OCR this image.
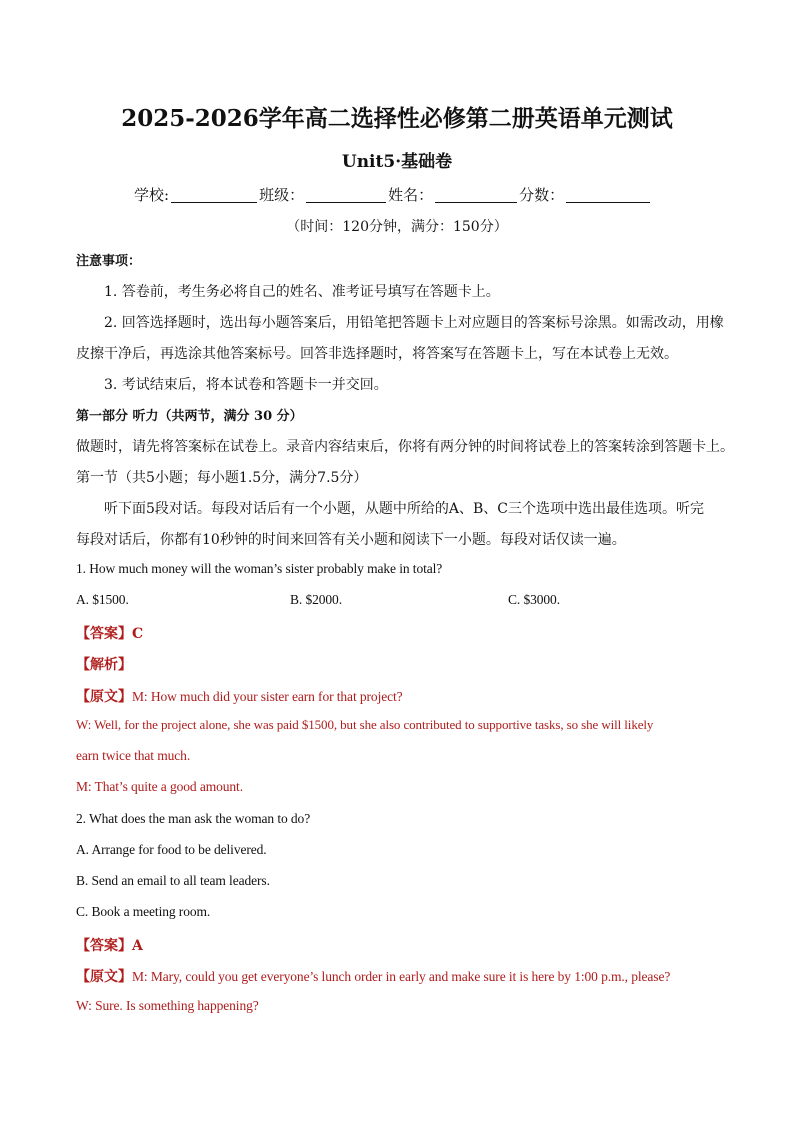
2025-2026学年高二选择性必修第二册英语单元测试
Unit5·基础卷
学校:	班级：	姓名：	分数：
（时间：120分钟，满分：150分）
注意事项：
1. 答卷前，考生务必将自己的姓名、准考证号填写在答题卡上。
2. 回答选择题时，选出每小题答案后，用铅笔把答题卡上对应题目的答案标号涂黑。如需改动，用橡
皮擦干净后，再选涂其他答案标号。回答非选择题时，将答案写在答题卡上，写在本试卷上无效。
3. 考试结束后，将本试卷和答题卡一并交回。
第一部分 听力（共两节，满分 30 分）
做题时，请先将答案标在试卷上。录音内容结束后，你将有两分钟的时间将试卷上的答案转涂到答题卡上。
第一节（共5小题；每小题1.5分，满分7.5分）
听下面5段对话。每段对话后有一个小题，从题中所给的A、B、C三个选项中选出最佳选项。听完
每段对话后，你都有10秒钟的时间来回答有关小题和阅读下一小题。每段对话仅读一遍。
1. How much money will the woman’s sister probably make in total?
A. $1500.	B. $2000.	C. $3000.
【答案】C
【解析】
【原文】M: How much did your sister earn for that project?
W: Well, for the project alone, she was paid $1500, but she also contributed to supportive tasks, so she will likely
earn twice that much.
M: That’s quite a good amount.
2. What does the man ask the woman to do?
A. Arrange for food to be delivered.
B. Send an email to all team leaders.
C. Book a meeting room.
【答案】A
【原文】M: Mary, could you get everyone’s lunch order in early and make sure it is here by 1:00 p.m., please?
W: Sure. Is something happening?
